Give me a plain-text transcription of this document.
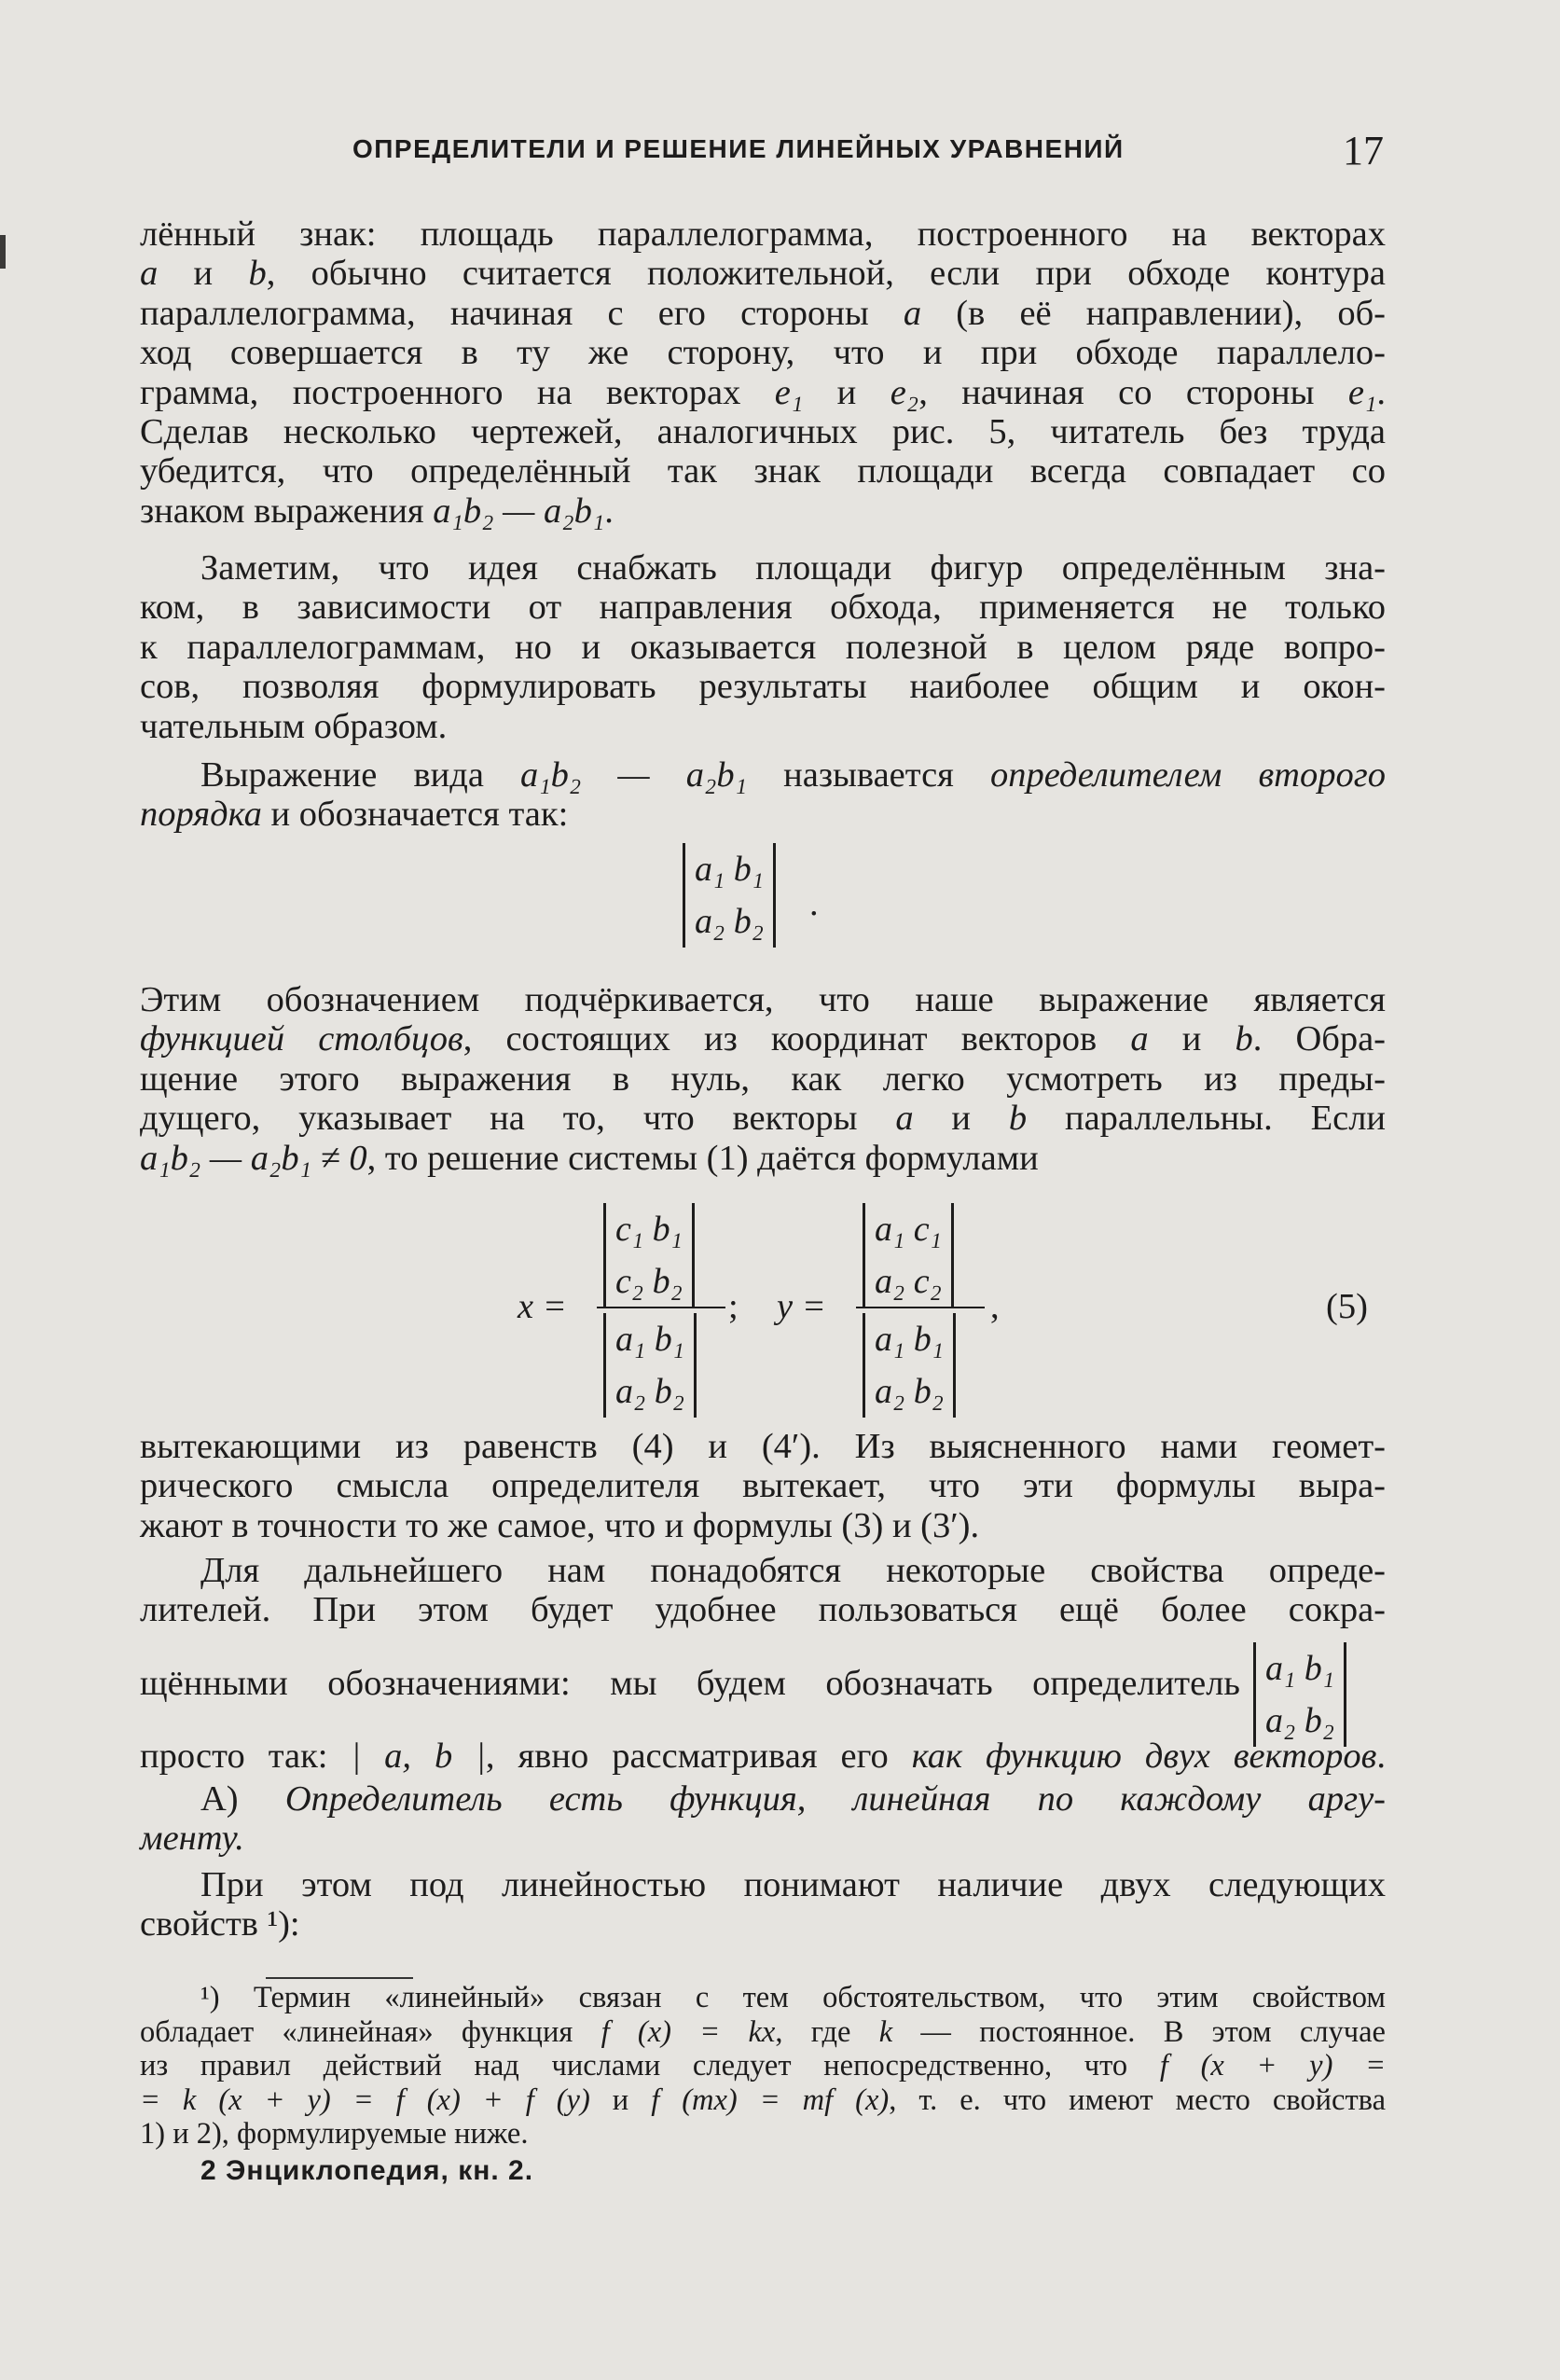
ОПРЕДЕЛИТЕЛИ И РЕШЕНИЕ ЛИНЕЙНЫХ УРАВНЕНИЙ	17
лённый знак: площадь параллелограмма, построенного на векторах
a и b, обычно считается положительной, если при обходе контура
параллелограмма, начиная с его стороны a (в её направлении), об-
ход совершается в ту же сторону, что и при обходе параллело-
грамма, построенного на векторах e₁ и e₂, начиная со стороны e₁.
Сделав несколько чертежей, аналогичных рис. 5, читатель без труда
убедится, что определённый так знак площади всегда совпадает со
знаком выражения a₁b₂ — a₂b₁.
Заметим, что идея снабжать площади фигур определённым зна-
ком, в зависимости от направления обхода, применяется не только
к параллелограммам, но и оказывается полезной в целом ряде вопро-
сов, позволяя формулировать результаты наиболее общим и окон-
чательным образом.
Выражение вида a₁b₂ — a₂b₁ называется определителем второго
порядка и обозначается так:
a₁ b₁
a₂ b₂ .
Этим обозначением подчёркивается, что наше выражение является
функцией столбцов, состоящих из координат векторов a и b. Обра-
щение этого выражения в нуль, как легко усмотреть из преды-
дущего, указывает на то, что векторы a и b параллельны. Если
a₁b₂ — a₂b₁ ≠ 0, то решение системы (1) даётся формулами
x =
c₁ b₁
c₂ b₂
a₁ b₁
a₂ b₂
; y =
a₁ c₁
a₂ c₂
a₁ b₁
a₂ b₂
,	(5)
вытекающими из равенств (4) и (4′). Из выясненного нами геомет-
рического смысла определителя вытекает, что эти формулы выра-
жают в точности то же самое, что и формулы (3) и (3′).
Для дальнейшего нам понадобятся некоторые свойства опреде-
лителей. При этом будет удобнее пользоваться ещё более сокра-
щёнными обозначениями: мы будем обозначать определитель a₁ b₁
a₂ b₂
просто так: | a, b |, явно рассматривая его как функцию двух векторов.
А) Определитель есть функция, линейная по каждому аргу-
менту.
При этом под линейностью понимают наличие двух следующих
свойств ¹):
¹) Термин «линейный» связан с тем обстоятельством, что этим свойством
обладает «линейная» функция f (x) = kx, где k — постоянное. В этом случае
из правил действий над числами следует непосредственно, что f (x + y) =
= k (x + y) = f (x) + f (y) и f (mx) = mf (x), т. е. что имеют место свойства
1) и 2), формулируемые ниже.
2 Энциклопедия, кн. 2.
